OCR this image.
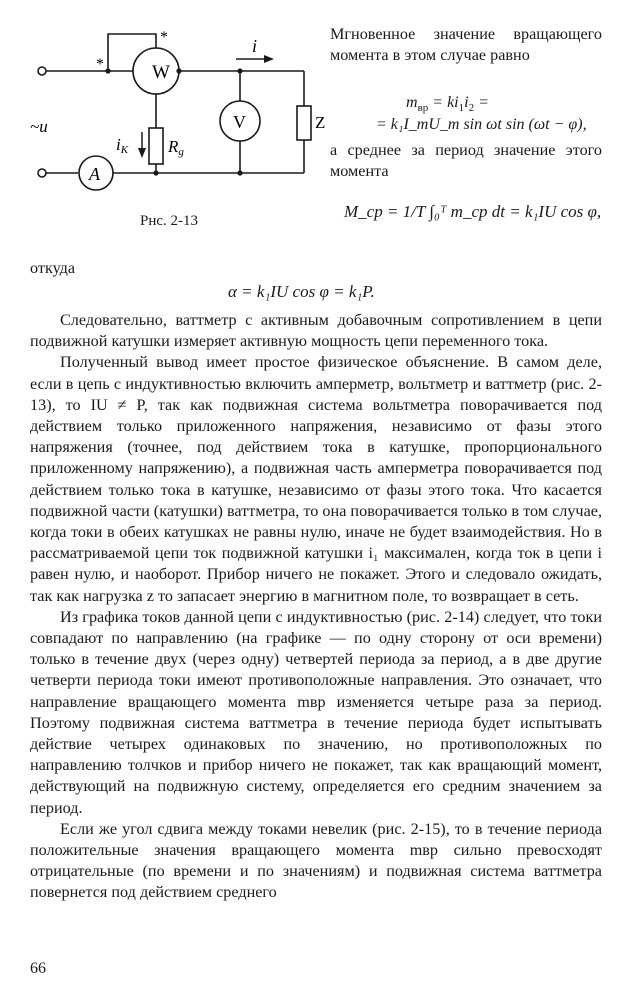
W
V
A
i
iK Rg
Z
~u
*
*
Рнс. 2-13
Мгновенное значение вращающего момента в этом случае равно
$m_{вр} = ki_1i_2$ =
= k₁I_mU_m sin ωt sin (ωt − φ),
а среднее за период значение этого момента
M_ср = 1/T ∫₀ᵀ m_ср dt = k₁IU cos φ,

откуда

α = k₁IU cos φ = k₁P.

Следовательно, ваттметр с активным добавочным сопротивлением в цепи подвижной катушки измеряет активную мощность цепи переменного тока.

Полученный вывод имеет простое физическое объяснение. В самом деле, если в цепь с индуктивностью включить амперметр, вольтметр и ваттметр (рис. 2-13), то IU ≠ P, так как подвижная система вольтметра поворачивается под действием только приложенного напряжения, независимо от фазы этого напряжения (точнее, под действием тока в катушке, пропорционального приложенному напряжению), а подвижная часть амперметра поворачивается под действием только тока в катушке, независимо от фазы этого тока. Что касается подвижной части (катушки) ваттметра, то она поворачивается только в том случае, когда токи в обеих катушках не равны нулю, иначе не будет взаимодействия. Но в рассматриваемой цепи ток подвижной катушки i₁ максимален, когда ток в цепи i равен нулю, и наоборот. Прибор ничего не покажет. Этого и следовало ожидать, так как нагрузка z то запасает энергию в магнитном поле, то возвращает в сеть.

Из графика токов данной цепи с индуктивностью (рис. 2-14) следует, что токи совпадают по направлению (на графике — по одну сторону от оси времени) только в течение двух (через одну) четвертей периода за период, а в две другие четверти периода токи имеют противоположные направления. Это означает, что направление вращающего момента mвр изменяется четыре раза за период. Поэтому подвижная система ваттметра в течение периода будет испытывать действие четырех одинаковых по значению, но противоположных по направлению толчков и прибор ничего не покажет, так как вращающий момент, действующий на подвижную систему, определяется его средним значением за период.

Если же угол сдвига между токами невелик (рис. 2-15), то в течение периода положительные значения вращающего момента mвр сильно превосходят отрицательные (по времени и по значениям) и подвижная система ваттметра повернется под действием среднего

66
